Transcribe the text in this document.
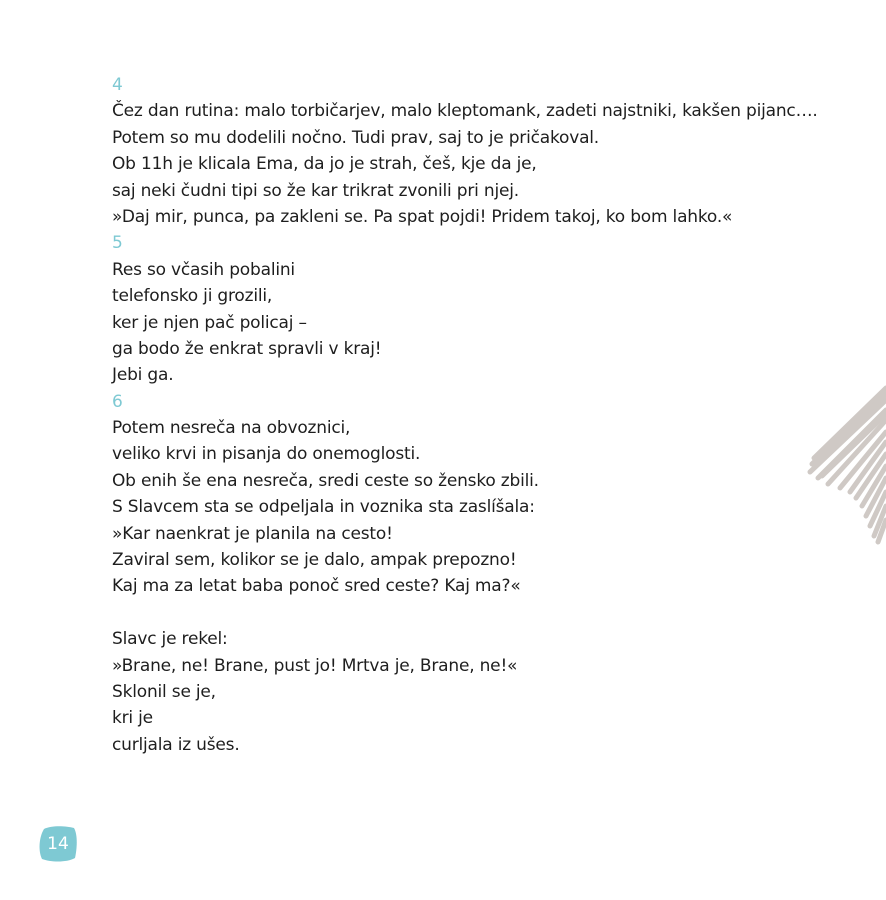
4
Čez dan rutina: malo torbičarjev, malo kleptomank, zadeti najstniki, kakšen pijanc….
Potem so mu dodelili nočno. Tudi prav, saj to je pričakoval.
Ob 11h je klicala Ema, da jo je strah, češ, kje da je,
saj neki čudni tipi so že kar trikrat zvonili pri njej.
»Daj mir, punca, pa zakleni se. Pa spat pojdi! Pridem takoj, ko bom lahko.«
5
Res so včasih pobalini
telefonsko ji grozili,
ker je njen pač policaj –
ga bodo že enkrat spravli v kraj!
Jebi ga.
6
Potem nesreča na obvoznici,
veliko krvi in pisanja do onemoglosti.
Ob enih še ena nesreča, sredi ceste so žensko zbili.
S Slavcem sta se odpeljala in voznika sta zaslíšala:
»Kar naenkrat je planila na cesto!
Zaviral sem, kolikor se je dalo, ampak prepozno!
Kaj ma za letat baba ponoč sred ceste? Kaj ma?«
Slavc je rekel:
»Brane, ne! Brane, pust jo! Mrtva je, Brane, ne!«
Sklonil se je,
kri je
curljala iz ušes.
14
